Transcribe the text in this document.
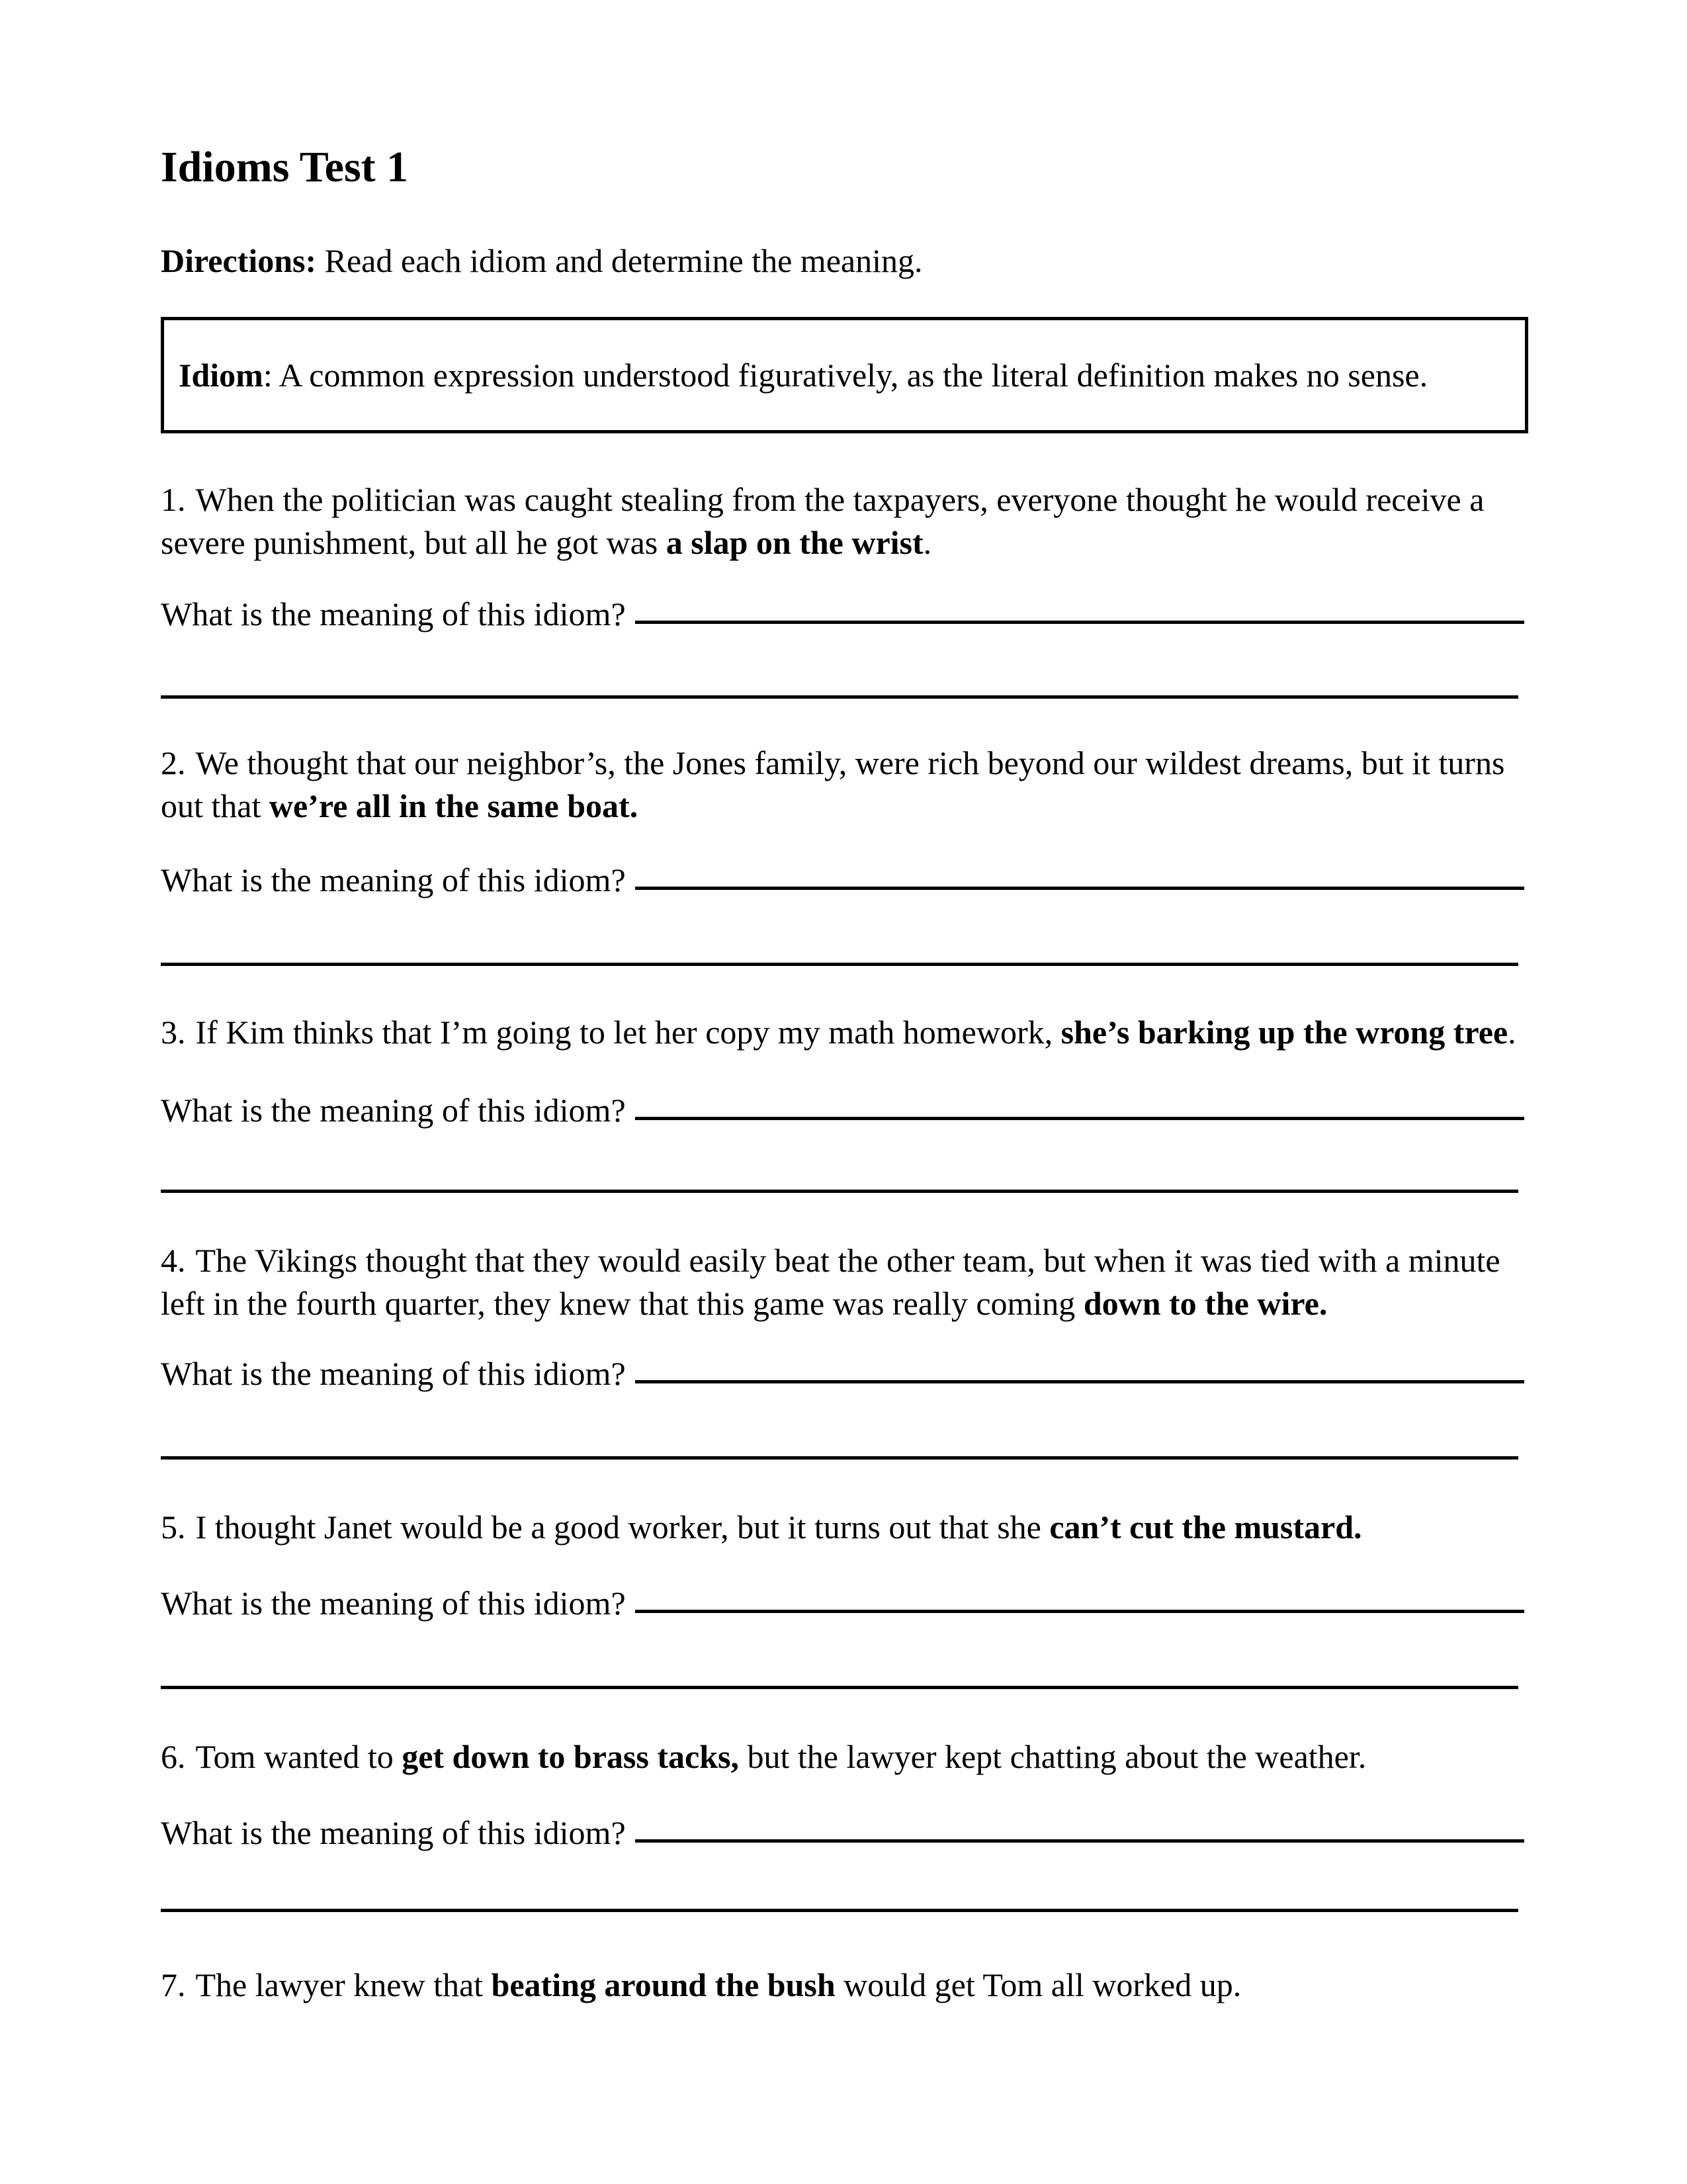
Idioms Test 1
Directions: Read each idiom and determine the meaning.
Idiom: A common expression understood figuratively, as the literal definition makes no sense.
1. When the politician was caught stealing from the taxpayers, everyone thought he would receive a severe punishment, but all he got was a slap on the wrist.
What is the meaning of this idiom?
2. We thought that our neighbor’s, the Jones family, were rich beyond our wildest dreams, but it turns out that we’re all in the same boat.
What is the meaning of this idiom?
3. If Kim thinks that I’m going to let her copy my math homework, she’s barking up the wrong tree.
What is the meaning of this idiom?
4. The Vikings thought that they would easily beat the other team, but when it was tied with a minute left in the fourth quarter, they knew that this game was really coming down to the wire.
What is the meaning of this idiom?
5. I thought Janet would be a good worker, but it turns out that she can’t cut the mustard.
What is the meaning of this idiom?
6. Tom wanted to get down to brass tacks, but the lawyer kept chatting about the weather.
What is the meaning of this idiom?
7. The lawyer knew that beating around the bush would get Tom all worked up.
